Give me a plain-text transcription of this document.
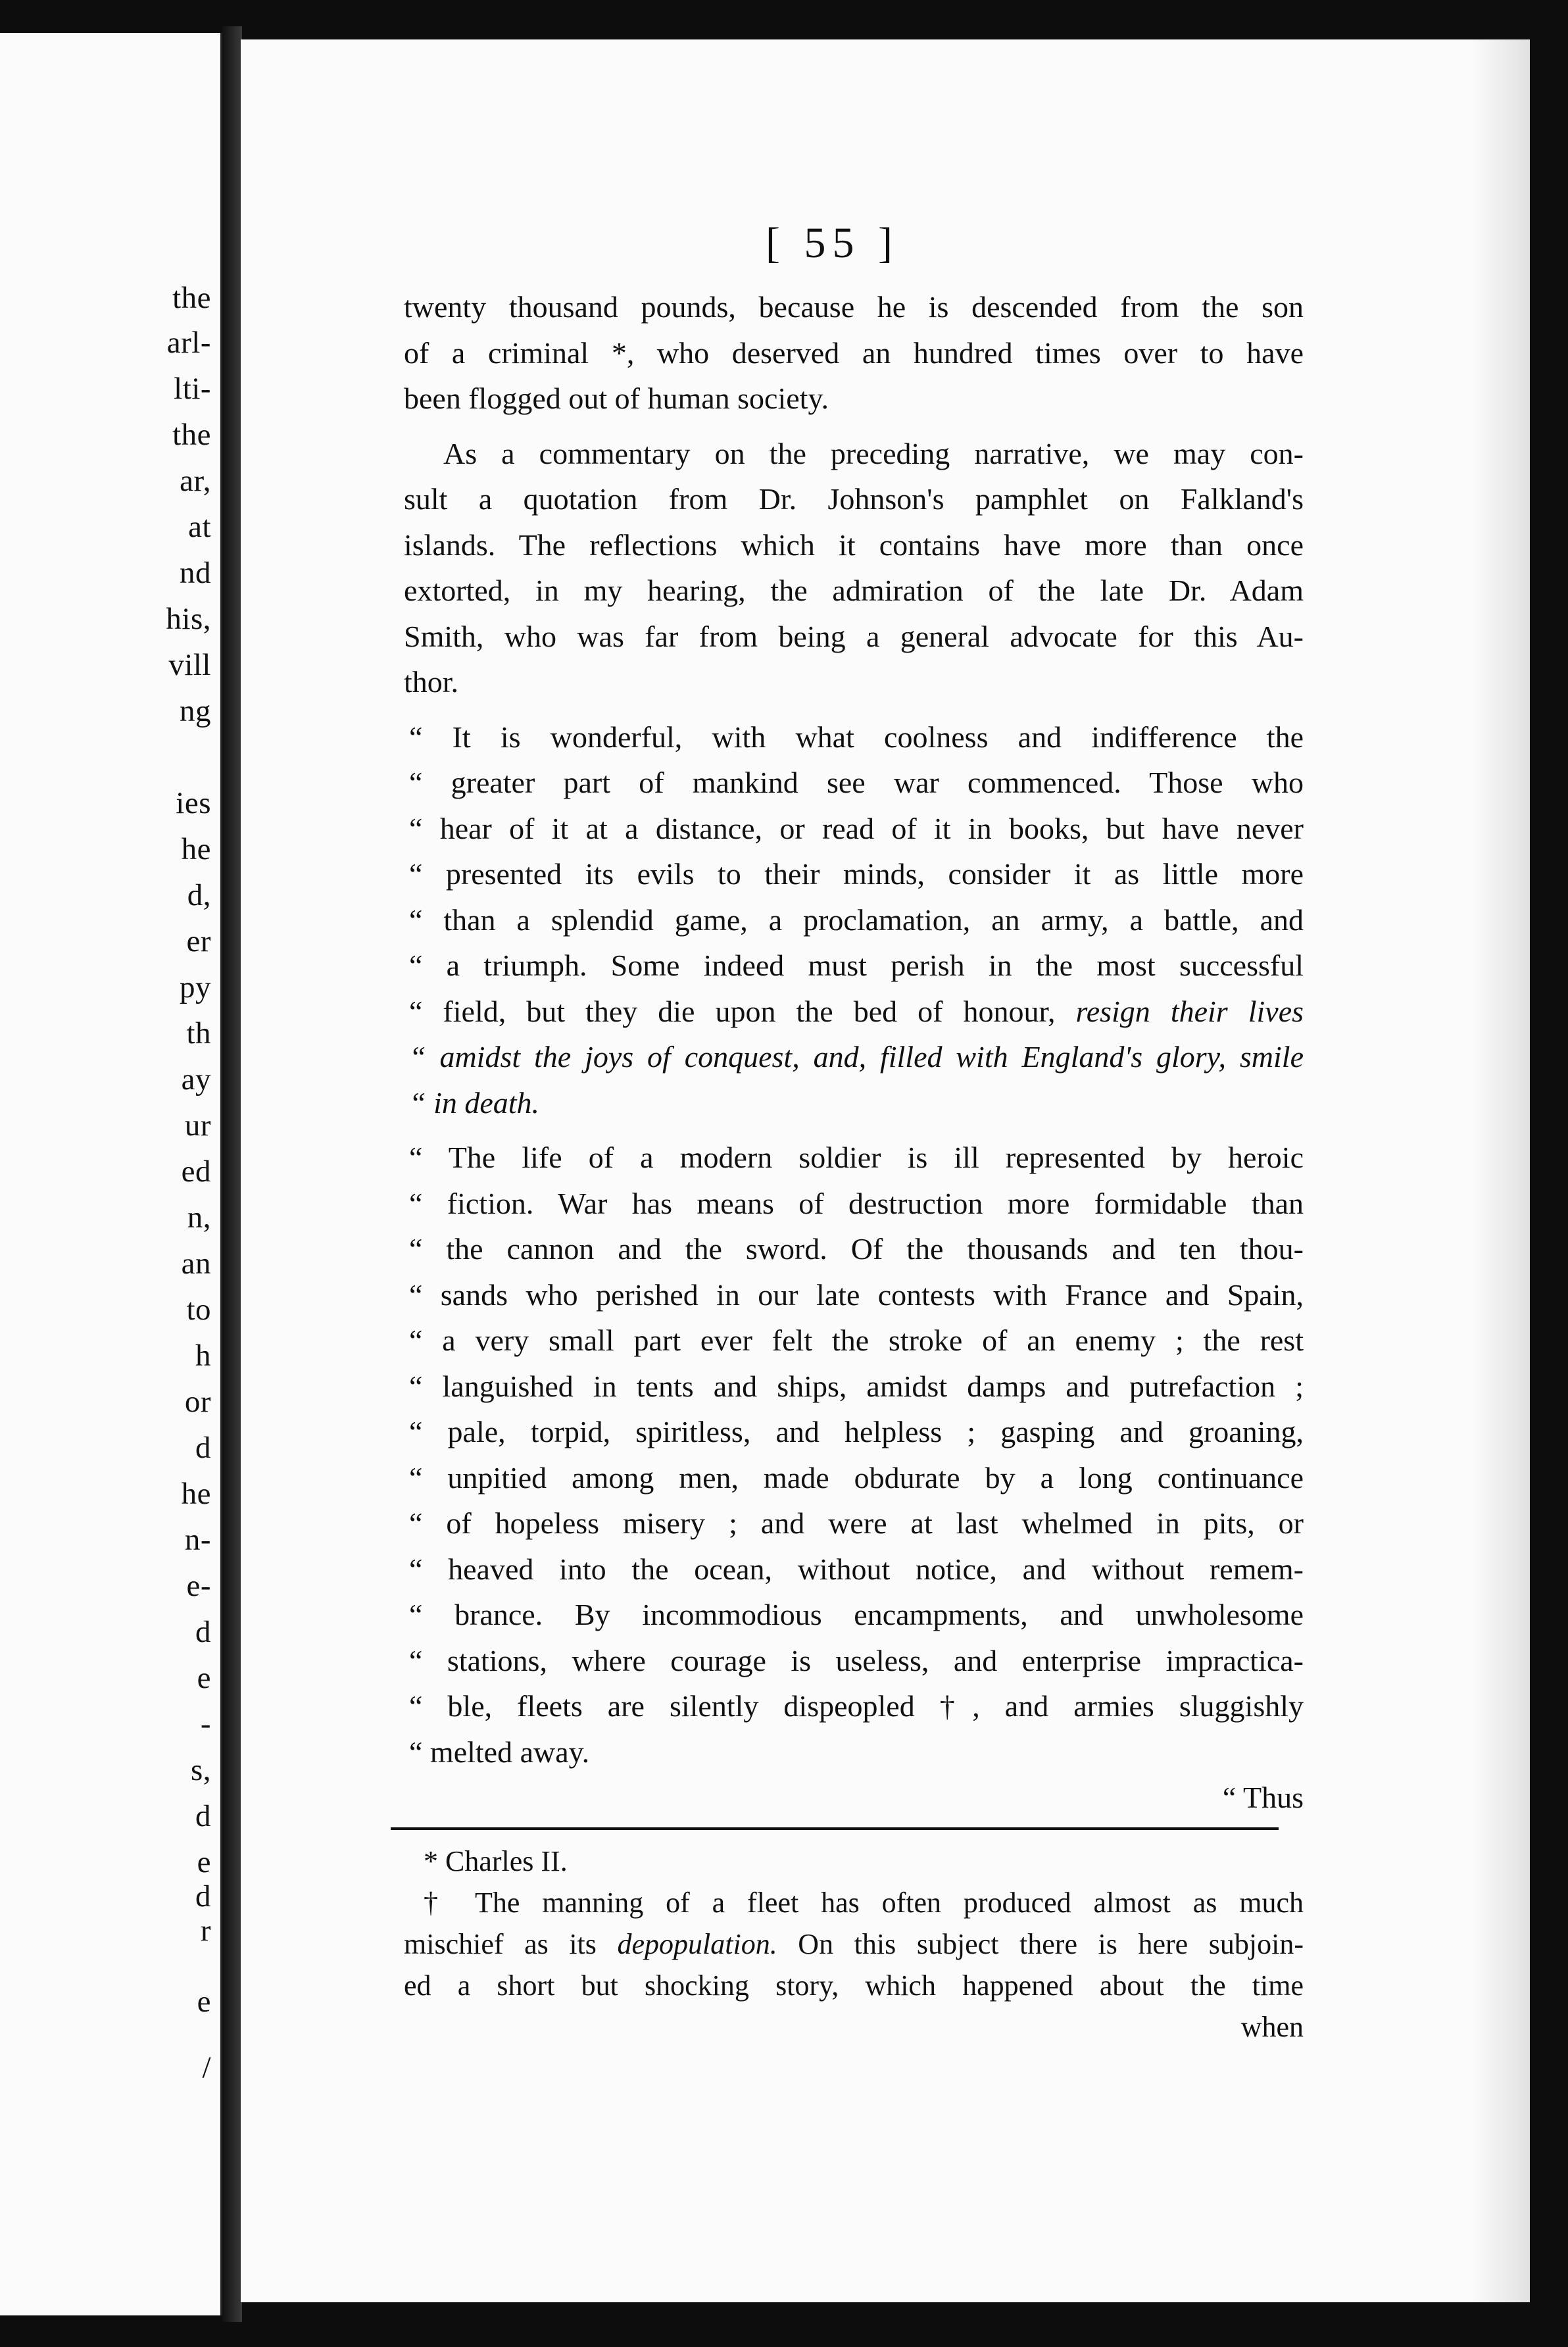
the
arl-
lti-
the
ar,
at
nd
his,
vill
ng
ies
he
d,
er
py
th
ay
ur
ed
n,
an
to
h
or
d
he
n-
e-
d
e
-
s,
d
e
d
r
e
/
[ 55 ]
twenty thousand pounds, because he is descended from the son
of a criminal *, who deserved an hundred times over to have
been flogged out of human society.
As a commentary on the preceding narrative, we may con-
sult a quotation from Dr. Johnson's pamphlet on Falkland's
islands. The reflections which it contains have more than once
extorted, in my hearing, the admiration of the late Dr. Adam
Smith, who was far from being a general advocate for this Au-
thor.
“ It is wonderful, with what coolness and indifference the
“ greater part of mankind see war commenced. Those who
“ hear of it at a distance, or read of it in books, but have never
“ presented its evils to their minds, consider it as little more
“ than a splendid game, a proclamation, an army, a battle, and
“ a triumph. Some indeed must perish in the most successful
“ field, but they die upon the bed of honour, resign their lives
“ amidst the joys of conquest, and, filled with England's glory, smile
“ in death.
“ The life of a modern soldier is ill represented by heroic
“ fiction. War has means of destruction more formidable than
“ the cannon and the sword. Of the thousands and ten thou-
“ sands who perished in our late contests with France and Spain,
“ a very small part ever felt the stroke of an enemy ; the rest
“ languished in tents and ships, amidst damps and putrefaction ;
“ pale, torpid, spiritless, and helpless ; gasping and groaning,
“ unpitied among men, made obdurate by a long continuance
“ of hopeless misery ; and were at last whelmed in pits, or
“ heaved into the ocean, without notice, and without remem-
“ brance. By incommodious encampments, and unwholesome
“ stations, where courage is useless, and enterprise impractica-
“ ble, fleets are silently dispeopled †, and armies sluggishly
“ melted away.
“ Thus
* Charles II.
† The manning of a fleet has often produced almost as much
mischief as its depopulation. On this subject there is here subjoin-
ed a short but shocking story, which happened about the time
when
